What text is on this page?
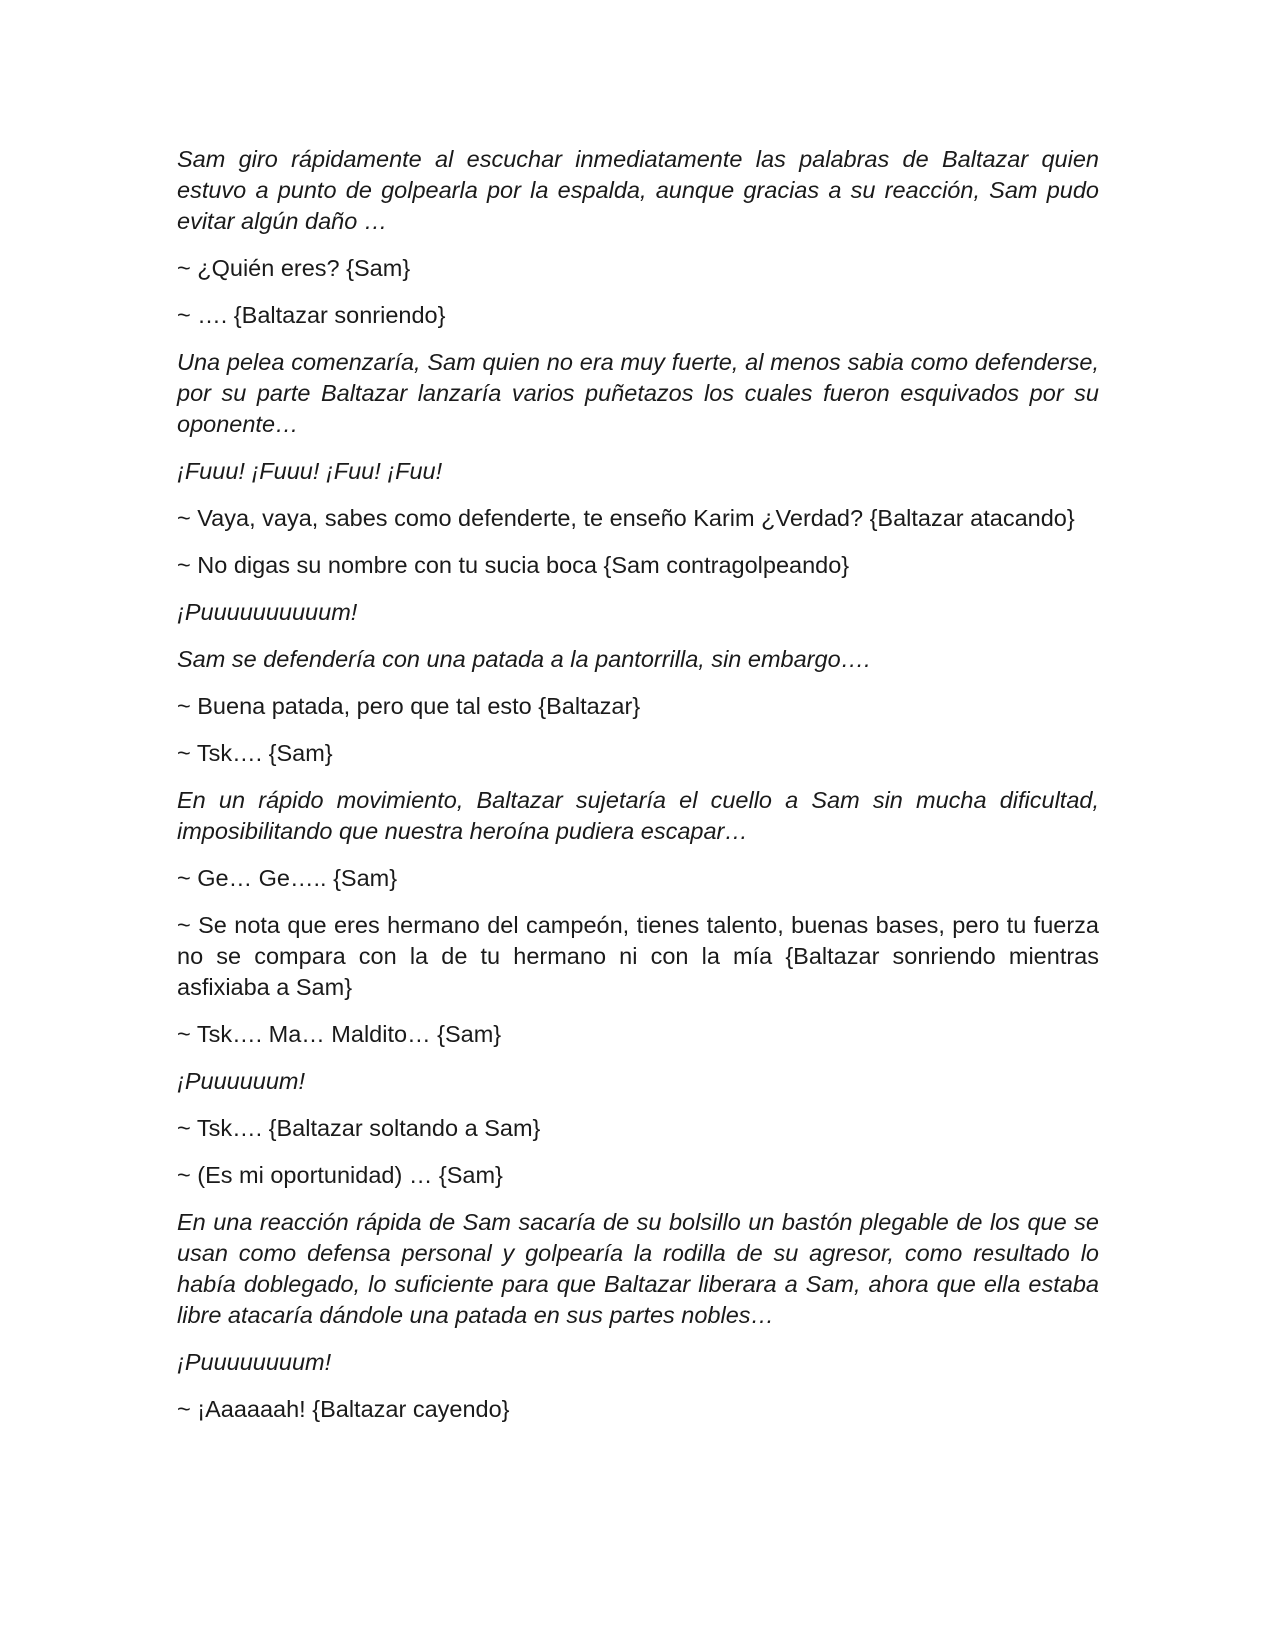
Sam giro rápidamente al escuchar inmediatamente las palabras de Baltazar quien estuvo a punto de golpearla por la espalda, aunque gracias a su reacción, Sam pudo evitar algún daño …

~ ¿Quién eres? {Sam}

~ …. {Baltazar sonriendo}

Una pelea comenzaría, Sam quien no era muy fuerte, al menos sabia como defenderse, por su parte Baltazar lanzaría varios puñetazos los cuales fueron esquivados por su oponente…

¡Fuuu! ¡Fuuu! ¡Fuu! ¡Fuu!

~ Vaya, vaya, sabes como defenderte, te enseño Karim ¿Verdad? {Baltazar atacando}

~ No digas su nombre con tu sucia boca {Sam contragolpeando}

¡Puuuuuuuuuum!

Sam se defendería con una patada a la pantorrilla, sin embargo….

~ Buena patada, pero que tal esto {Baltazar}

~ Tsk…. {Sam}

En un rápido movimiento, Baltazar sujetaría el cuello a Sam sin mucha dificultad, imposibilitando que nuestra heroína pudiera escapar…

~ Ge… Ge….. {Sam}

~ Se nota que eres hermano del campeón, tienes talento, buenas bases, pero tu fuerza no se compara con la de tu hermano ni con la mía {Baltazar sonriendo mientras asfixiaba a Sam}

~ Tsk…. Ma… Maldito… {Sam}

¡Puuuuuum!

~ Tsk…. {Baltazar soltando a Sam}

~ (Es mi oportunidad) … {Sam}

En una reacción rápida de Sam sacaría de su bolsillo un bastón plegable de los que se usan como defensa personal y golpearía la rodilla de su agresor, como resultado lo había doblegado, lo suficiente para que Baltazar liberara a Sam, ahora que ella estaba libre atacaría dándole una patada en sus partes nobles…

¡Puuuuuuuum!

~ ¡Aaaaaah! {Baltazar cayendo}
